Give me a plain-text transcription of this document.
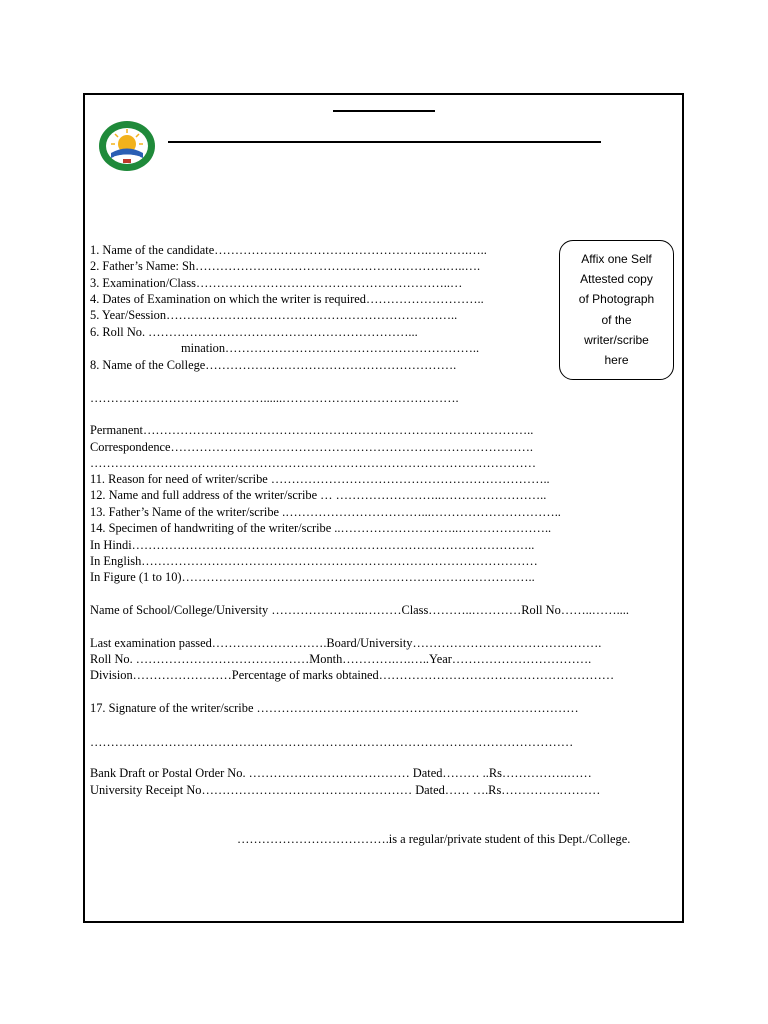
1. Name of the candidate…………………………………………….……….…..
2. Father’s Name: Sh…………………………………………………….…..….
3. Examination/Class……………………………………………………..…
4. Dates of Examination on which the writer is required………………………..
5. Year/Session……………………………………………………………..
6. Roll No. ………………………………………………………...
mination……………………………………………………..
8. Name of the College…………………………………………………….
……………………………………......…………………………………….
Permanent…………………………………………………………………………………..
Correspondence…………………………………………………………………………….
………………………………………………………………………………………………
11. Reason for need of writer/scribe …………………………………………………………..
12. Name and full address of the writer/scribe … ……………………..……………………..
13. Father’s Name of the writer/scribe .……………………………...…………………………..
14. Specimen of handwriting of the writer/scribe ..………………………..…………………..
In Hindi……………………………………………………………………………………..
In English……………………………………………………………………………………
In Figure (1 to 10)…………………………………………………………………………..
Name of School/College/University …………………..………Class………..…………Roll No……..……....
Last examination passed……………………….Board/University……………………………………….
Roll No. ……………………………………Month………….….…..Year…………………………….
Division……………………Percentage of marks obtained…………………………………………………
17. Signature of the writer/scribe ……………………………………………………………………
………………………………………………………………………………………………………
Bank Draft or Postal Order No. ………………………………… Dated……… ..Rs…………….……
University Receipt No…………………………………………… Dated…… ….Rs……………………
……………………………….is a regular/private student of this Dept./College.
Affix one Self
Attested copy
of Photograph
of the
writer/scribe
here
